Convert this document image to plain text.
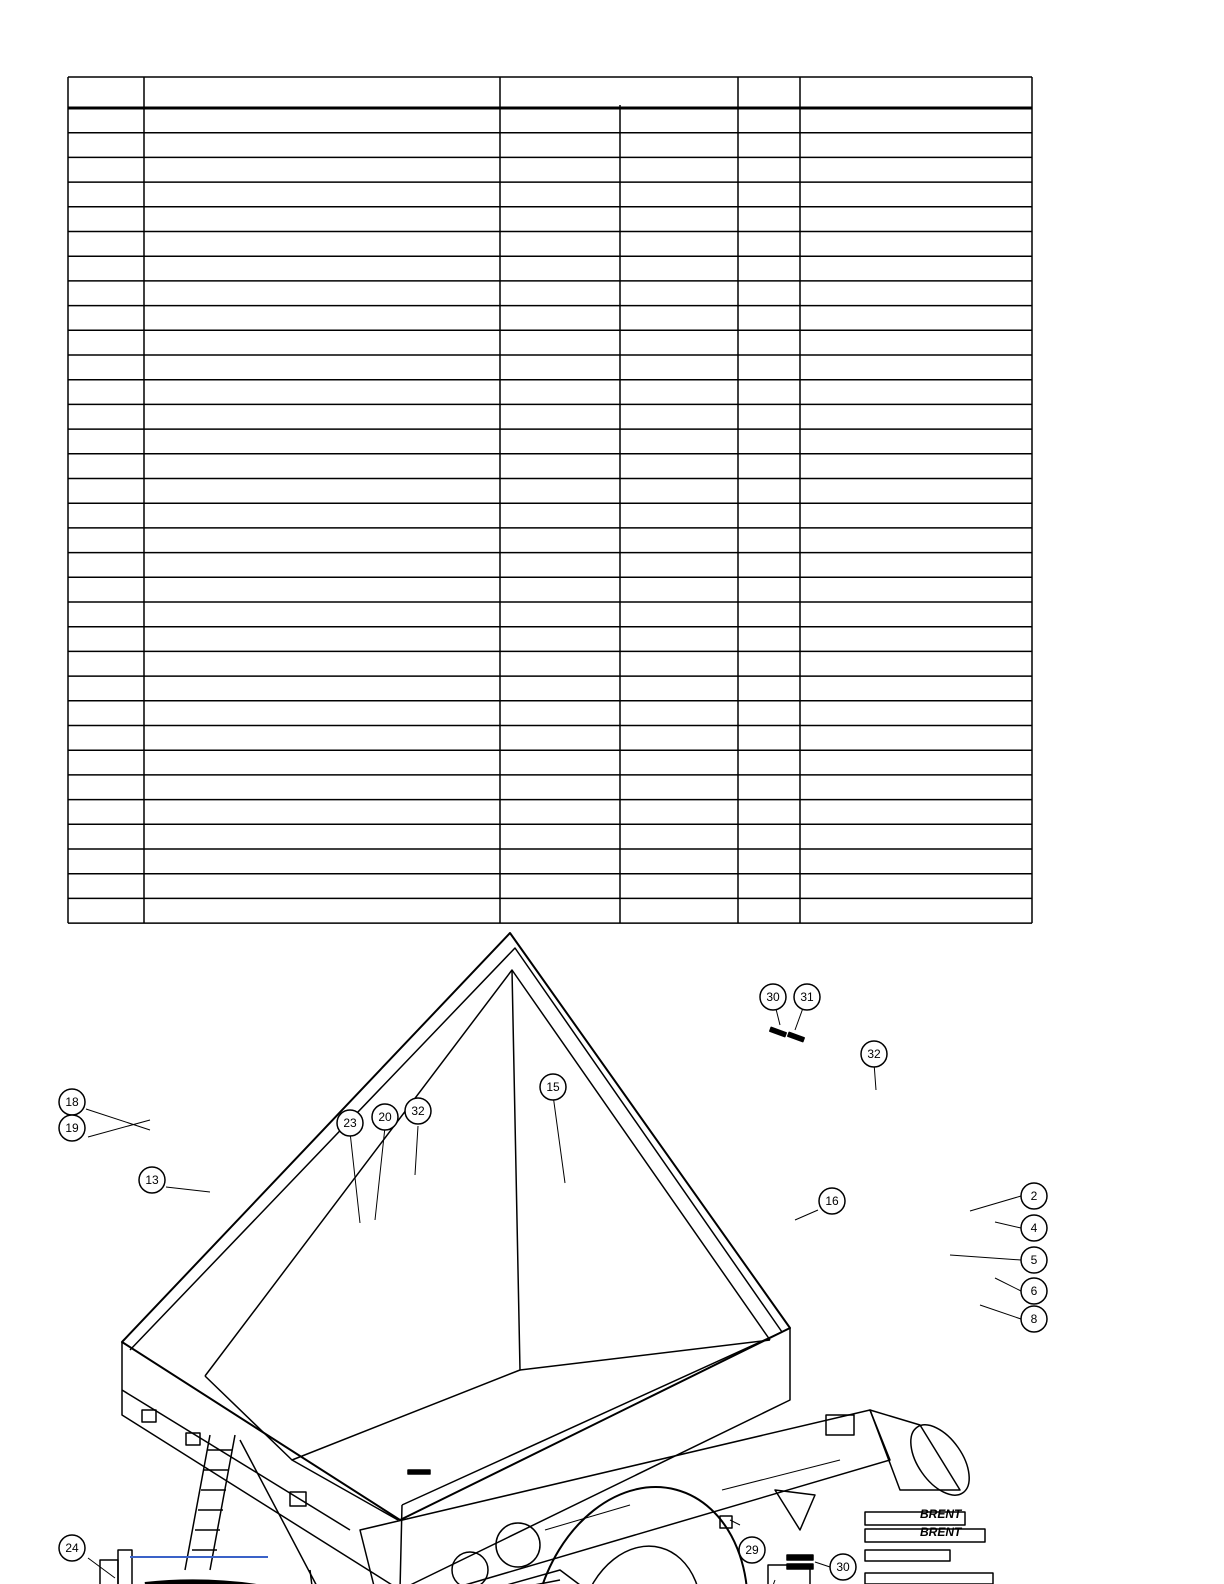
BRENT
BRENT
30 31
32
15
18
19	23 20 32
13
16	2
4
5
6
8
24	29
30
